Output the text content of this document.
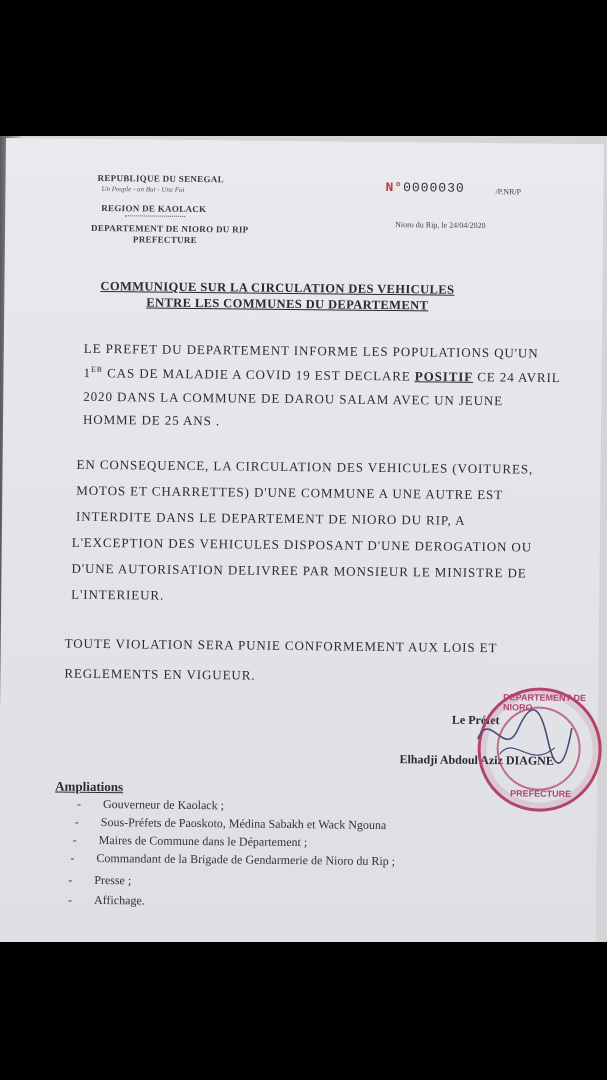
REPUBLIQUE DU SENEGAL
Un Peuple - un But - Une Foi
REGION DE KAOLACK
DEPARTEMENT DE NIORO DU RIP
PREFECTURE
N°0000030	/P.NR/P
Nioro du Rip, le 24/04/2020
COMMUNIQUE SUR LA CIRCULATION DES VEHICULES
ENTRE LES COMMUNES DU DEPARTEMENT
LE PREFET DU DEPARTEMENT INFORME LES POPULATIONS QU'UN
1ER CAS DE MALADIE A COVID 19 EST DECLARE POSITIF CE 24 AVRIL
2020 DANS LA COMMUNE DE DAROU SALAM AVEC UN JEUNE
HOMME DE 25 ANS .
EN CONSEQUENCE, LA CIRCULATION DES VEHICULES (VOITURES,
MOTOS ET CHARRETTES) D'UNE COMMUNE A UNE AUTRE EST
INTERDITE DANS LE DEPARTEMENT DE NIORO DU RIP, A
L'EXCEPTION DES VEHICULES DISPOSANT D'UNE DEROGATION OU
D'UNE AUTORISATION DELIVREE PAR MONSIEUR LE MINISTRE DE
L'INTERIEUR.
TOUTE VIOLATION SERA PUNIE CONFORMEMENT AUX LOIS ET
REGLEMENTS EN VIGUEUR.
Le Préfet
Elhadji Abdoul Aziz DIAGNE
DEPARTEMENT DE NIORO
PREFECTURE
Ampliations
- Gouverneur de Kaolack ;
- Sous-Préfets de Paoskoto, Médina Sabakh et Wack Ngouna
- Maires de Commune dans le Département ;
- Commandant de la Brigade de Gendarmerie de Nioro du Rip ;
- Presse ;
- Affichage.
